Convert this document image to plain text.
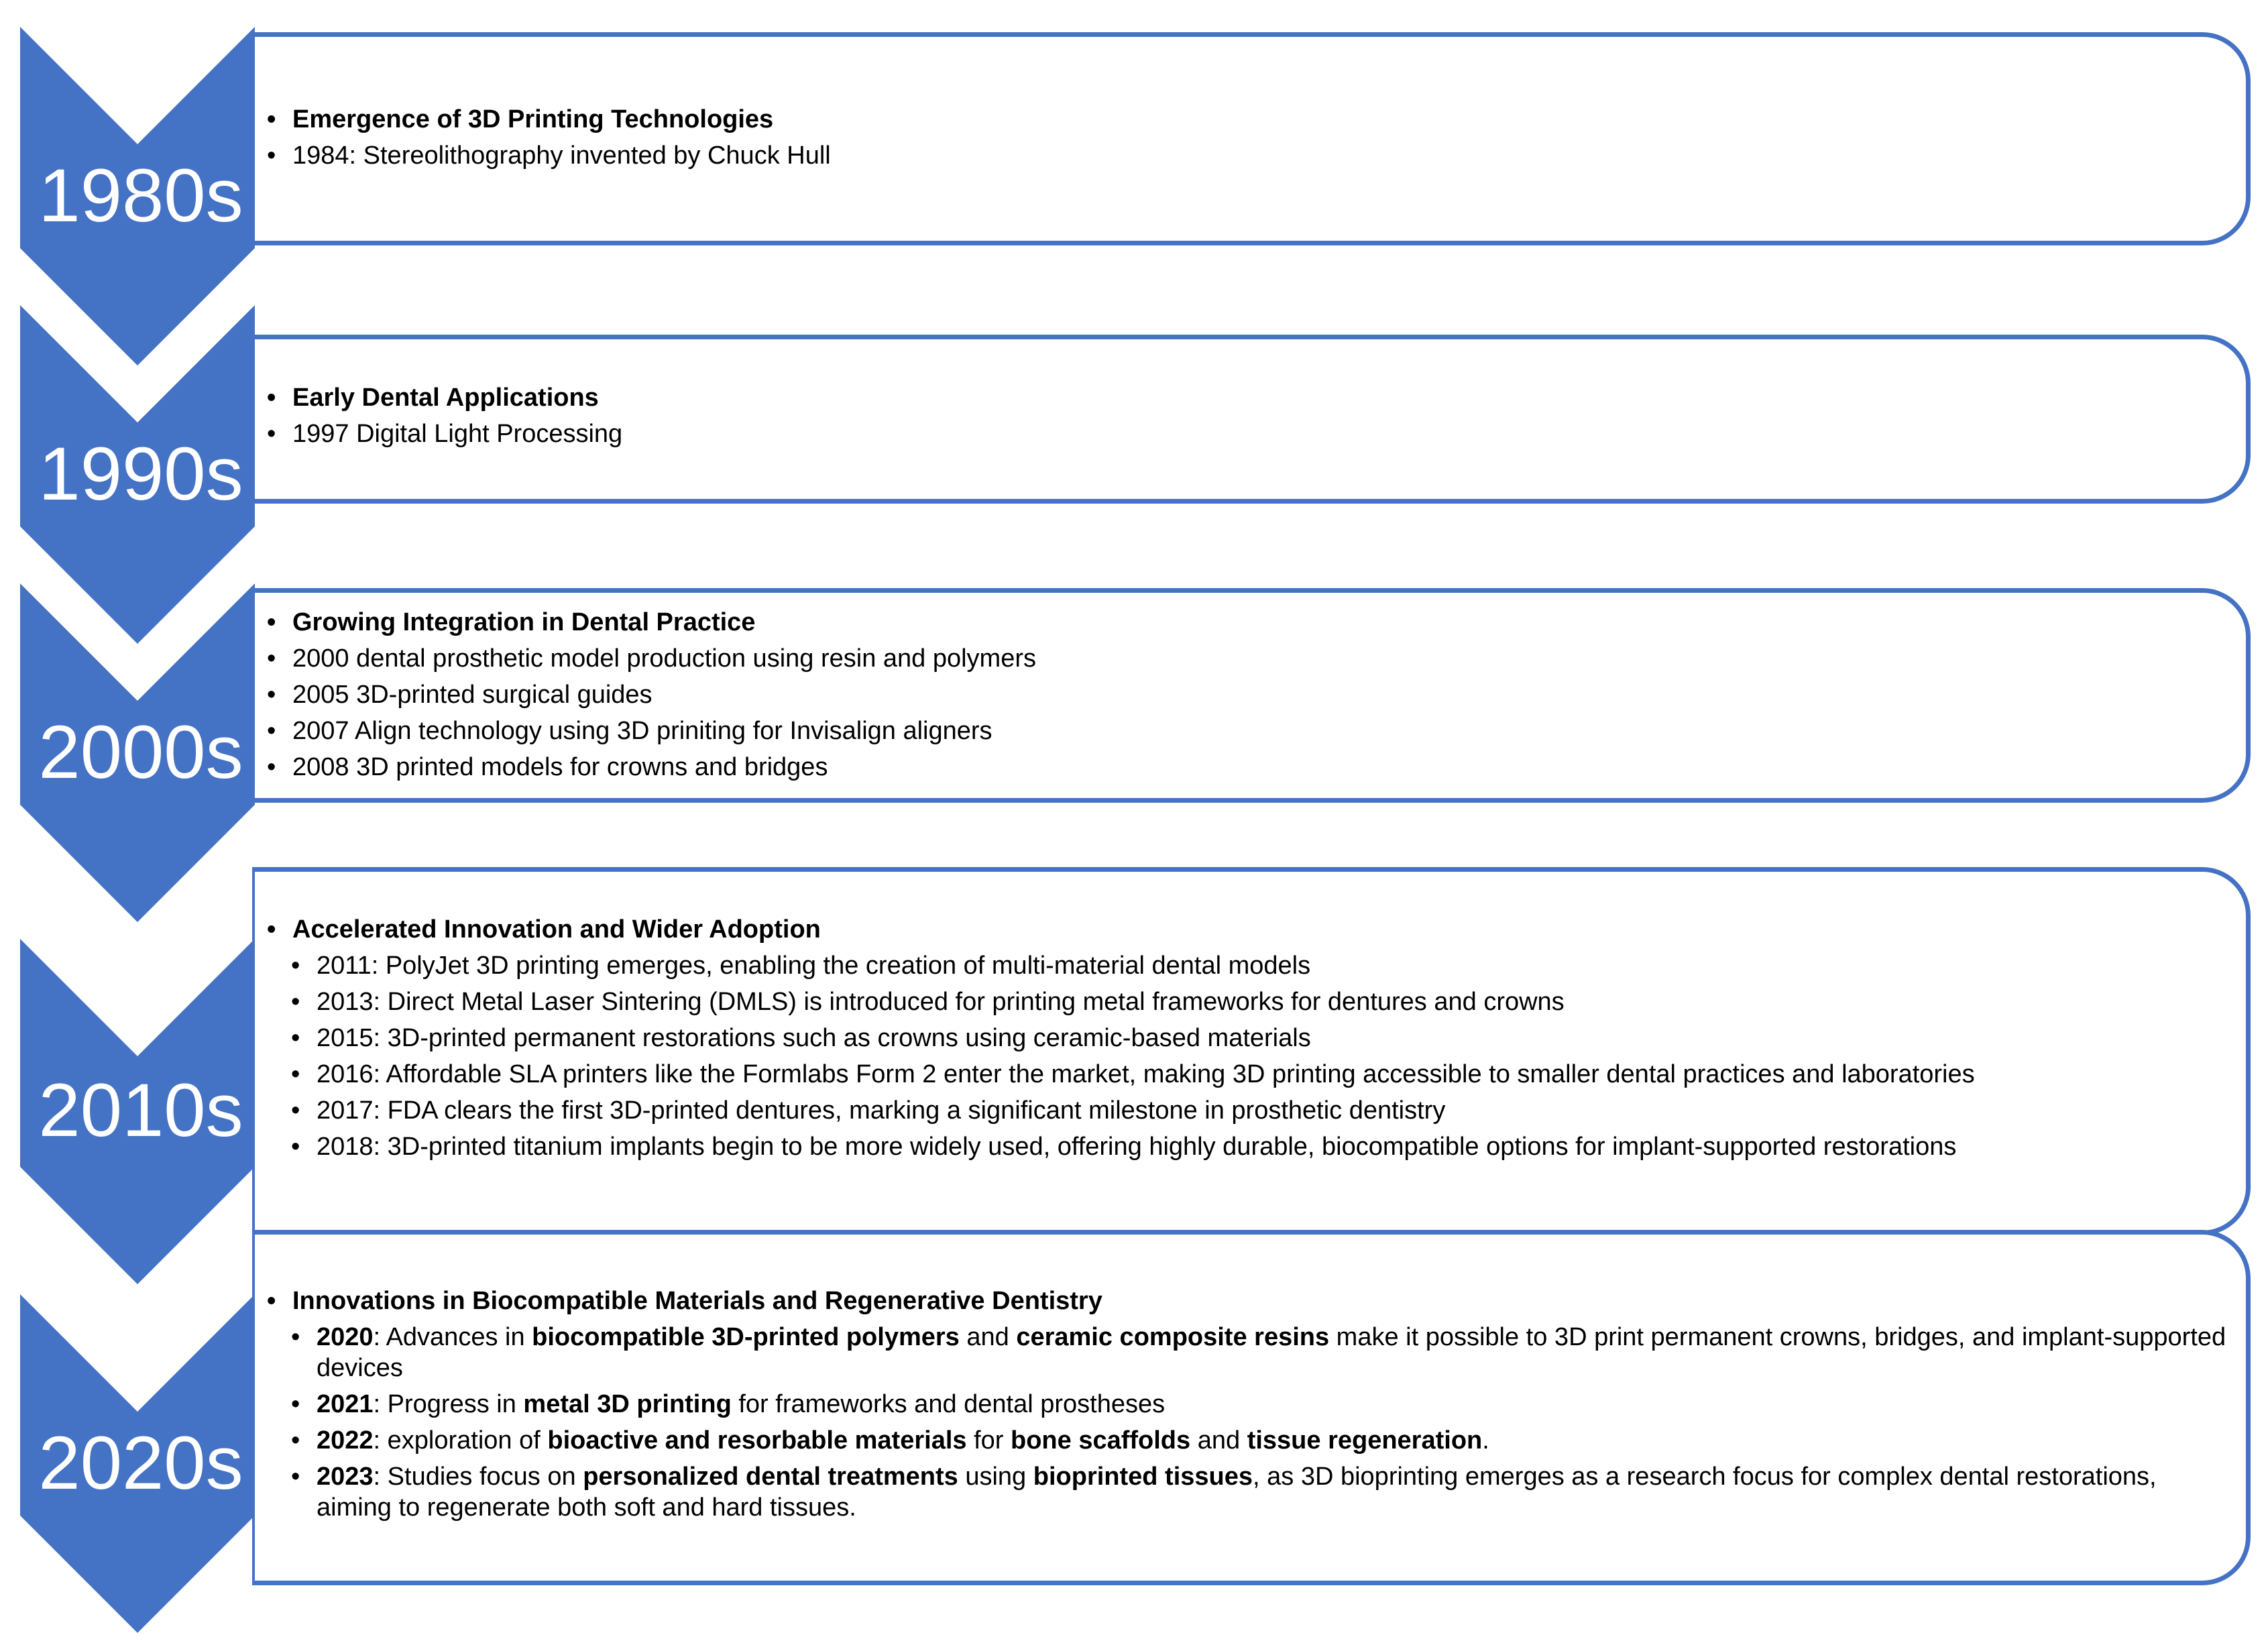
1980s
1990s
2000s
2010s
2020s
• Emergence of 3D Printing Technologies
• 1984: Stereolithography invented by Chuck Hull
• Early Dental Applications
• 1997 Digital Light Processing
• Growing Integration in Dental Practice
• 2000 dental prosthetic model production using resin and polymers
• 2005 3D-printed surgical guides
• 2007 Align technology using 3D priniting for Invisalign aligners
• 2008 3D printed models for crowns and bridges
• Accelerated Innovation and Wider Adoption
• 2011: PolyJet 3D printing emerges, enabling the creation of multi-material dental models
• 2013: Direct Metal Laser Sintering (DMLS) is introduced for printing metal frameworks for dentures and crowns
• 2015: 3D-printed permanent restorations such as crowns using ceramic-based materials
• 2016: Affordable SLA printers like the Formlabs Form 2 enter the market, making 3D printing accessible to smaller dental practices and laboratories
• 2017: FDA clears the first 3D-printed dentures, marking a significant milestone in prosthetic dentistry
• 2018: 3D-printed titanium implants begin to be more widely used, offering highly durable, biocompatible options for implant-supported restorations
• Innovations in Biocompatible Materials and Regenerative Dentistry
• 2020: Advances in biocompatible 3D-printed polymers and ceramic composite resins make it possible to 3D print permanent crowns, bridges, and implant-supported devices
• 2021: Progress in metal 3D printing for frameworks and dental prostheses
• 2022: exploration of bioactive and resorbable materials for bone scaffolds and tissue regeneration.
• 2023: Studies focus on personalized dental treatments using bioprinted tissues, as 3D bioprinting emerges as a research focus for complex dental restorations, aiming to regenerate both soft and hard tissues.
